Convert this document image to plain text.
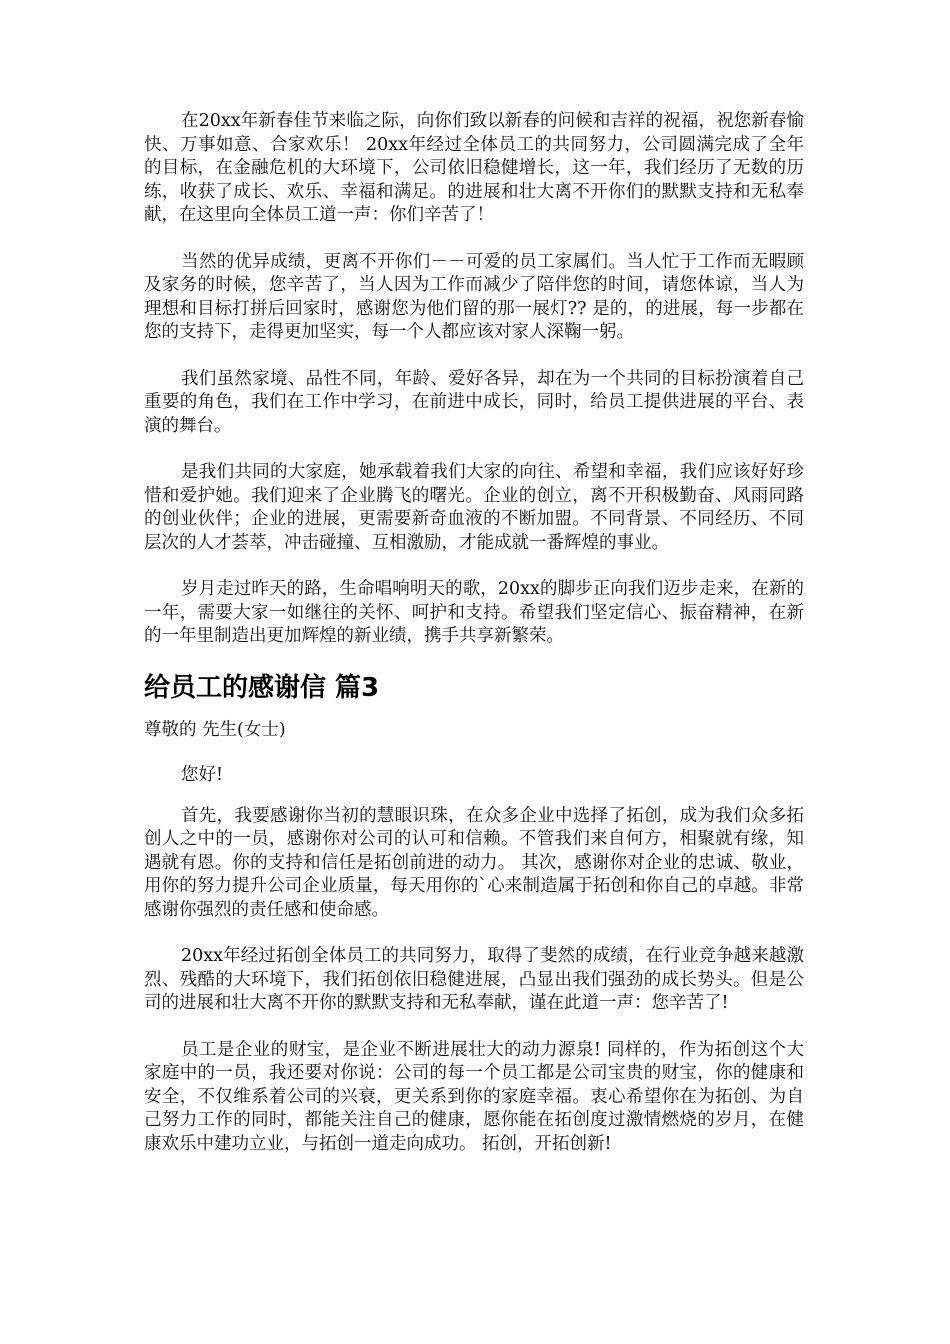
在20xx年新春佳节来临之际，向你们致以新春的问候和吉祥的祝福，祝您新春愉快、万事如意、合家欢乐！ 20xx年经过全体员工的共同努力，公司圆满完成了全年的目标，在金融危机的大环境下，公司依旧稳健增长，这一年，我们经历了无数的历练，收获了成长、欢乐、幸福和满足。的进展和壮大离不开你们的默默支持和无私奉献，在这里向全体员工道一声：你们辛苦了！

当然的优异成绩，更离不开你们－－可爱的员工家属们。当人忙于工作而无暇顾及家务的时候，您辛苦了，当人因为工作而减少了陪伴您的时间，请您体谅，当人为理想和目标打拼后回家时，感谢您为他们留的那一展灯?? 是的，的进展，每一步都在您的支持下，走得更加坚实，每一个人都应该对家人深鞠一躬。

我们虽然家境、品性不同，年龄、爱好各异，却在为一个共同的目标扮演着自己重要的角色，我们在工作中学习，在前进中成长，同时，给员工提供进展的平台、表演的舞台。

是我们共同的大家庭，她承载着我们大家的向往、希望和幸福，我们应该好好珍惜和爱护她。我们迎来了企业腾飞的曙光。企业的创立，离不开积极勤奋、风雨同路的创业伙伴；企业的进展，更需要新奇血液的不断加盟。不同背景、不同经历、不同层次的人才荟萃，冲击碰撞、互相激励，才能成就一番辉煌的事业。

岁月走过昨天的路，生命唱响明天的歌，20xx的脚步正向我们迈步走来，在新的一年，需要大家一如继往的关怀、呵护和支持。希望我们坚定信心、振奋精神，在新的一年里制造出更加辉煌的新业绩，携手共享新繁荣。

给员工的感谢信 篇3

尊敬的 先生(女士)

您好!

首先，我要感谢你当初的慧眼识珠，在众多企业中选择了拓创，成为我们众多拓创人之中的一员，感谢你对公司的认可和信赖。不管我们来自何方，相聚就有缘，知遇就有恩。你的支持和信任是拓创前进的动力。 其次，感谢你对企业的忠诚、敬业，用你的努力提升公司企业质量，每天用你的`心来制造属于拓创和你自己的卓越。非常感谢你强烈的责任感和使命感。

20xx年经过拓创全体员工的共同努力，取得了斐然的成绩，在行业竞争越来越激烈、残酷的大环境下，我们拓创依旧稳健进展，凸显出我们强劲的成长势头。但是公司的进展和壮大离不开你的默默支持和无私奉献，谨在此道一声：您辛苦了!

员工是企业的财宝，是企业不断进展壮大的动力源泉! 同样的，作为拓创这个大家庭中的一员，我还要对你说：公司的每一个员工都是公司宝贵的财宝，你的健康和安全，不仅维系着公司的兴衰，更关系到你的家庭幸福。衷心希望你在为拓创、为自己努力工作的同时，都能关注自己的健康，愿你能在拓创度过激情燃烧的岁月，在健康欢乐中建功立业，与拓创一道走向成功。 拓创，开拓创新!
